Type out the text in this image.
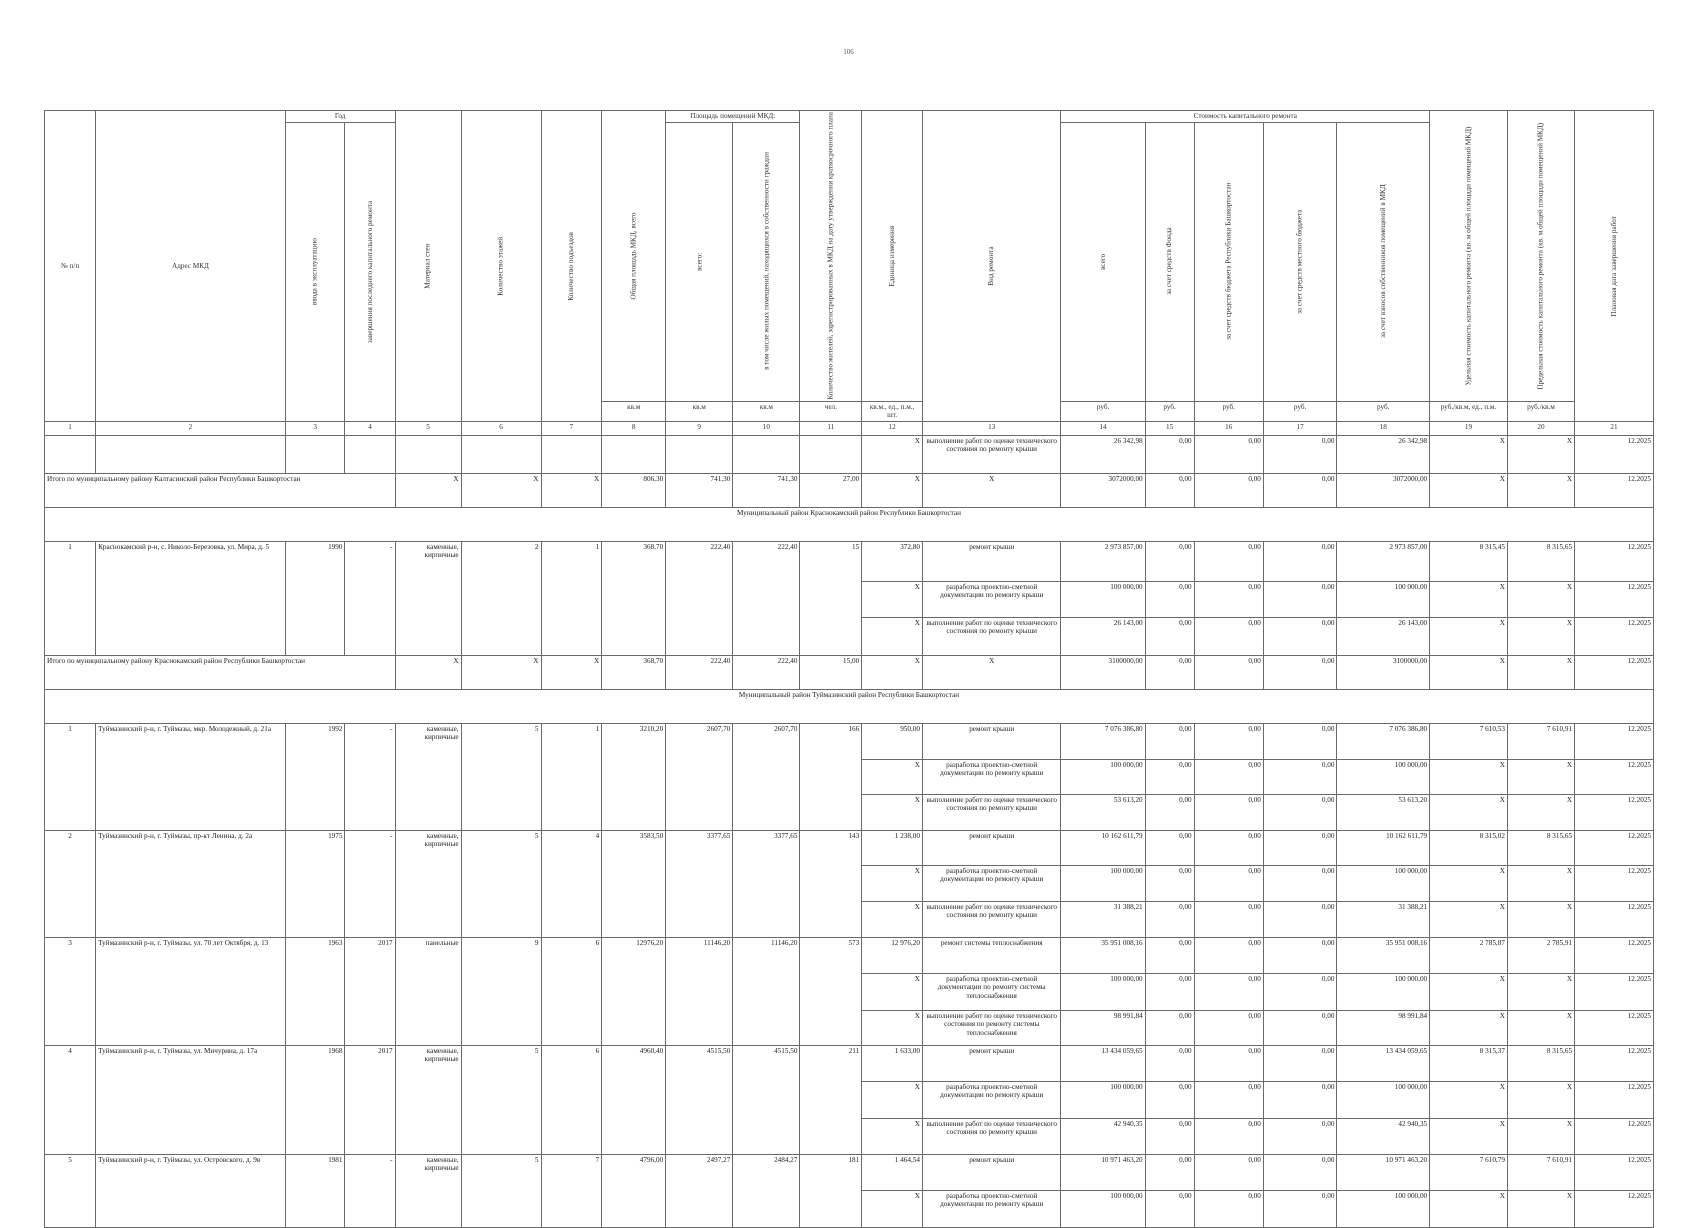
106
№ п/п	Адрес МКД	Год		Материал стен	Количество этажей	Количество подъездов	Общая площадь МКД, всего	Площадь помещений МКД:		Количество жителей, зарегистрированных в МКД на дату утверждения краткосрочного плана	Единица измерения	Вид ремонта	Стоимость капитального ремонта					Удельная стоимость капитального ремонта (кв. м общей площади помещений МКД)	Предельная стоимость капитального ремонта (кв. м общей площади помещений МКД)	Плановая дата завершения работ
		ввода в эксплуатацию	завершения последнего капитального ремонта					всего:	в том числе жилых помещений, находящихся в собственности граждан				всего	за счет средств Фонда	за счет средств бюджета Республики Башкортостан	за счет средств местного бюджета	за счет взносов собственников помещений в МКД			
							кв.м	кв.м	кв.м	чел.	кв.м., ед., п.м., шт.		руб.	руб.	руб.	руб.	руб.	руб./кв.м, ед., п.м.	руб./кв.м	
1	2	3	4	5	6	7	8	9	10	11	12	13	14	15	16	17	18	19	20	21
											X	выполнение работ по оценке технического состояния по ремонту крыши	26 342,98	0,00	0,00	0,00	26 342,98	X	X	12.2025
Итого по муниципальному району Калтасинский район Республики Башкортостан				X	X	X	806,30	741,30	741,30	27,00	X	X	3072000,00	0,00	0,00	0,00	3072000,00	X	X	12.2025
Муниципальный район Краснокамский район Республики Башкортостан																				
1	Краснокамский р-н, с. Николо-Березовка, ул. Мира, д. 5	1990	-	каменные, кирпичные	2	1	368,70	222,40	222,40	15	372,80	ремонт крыши	2 973 857,00	0,00	0,00	0,00	2 973 857,00	8 315,45	8 315,65	12.2025
											X	разработка проектно-сметной документации по ремонту крыши	100 000,00	0,00	0,00	0,00	100 000,00	X	X	12.2025
											X	выполнение работ по оценке технического состояния по ремонту крыши	26 143,00	0,00	0,00	0,00	26 143,00	X	X	12.2025
Итого по муниципальному району Краснокамский район Республики Башкортостан				X	X	X	368,70	222,40	222,40	15,00	X	X	3100000,00	0,00	0,00	0,00	3100000,00	X	X	12.2025
Муниципальный район Туймазинский район Республики Башкортостан																				
1	Туймазинский р-н, г. Туймазы, мкр. Молодежный, д. 21а	1992	-	каменные, кирпичные	5	1	3210,20	2607,70	2607,70	166	950,00	ремонт крыши	7 076 386,80	0,00	0,00	0,00	7 076 386,80	7 610,53	7 610,91	12.2025
											X	разработка проектно-сметной документации по ремонту крыши	100 000,00	0,00	0,00	0,00	100 000,00	X	X	12.2025
											X	выполнение работ по оценке технического состояния по ремонту крыши	53 613,20	0,00	0,00	0,00	53 613,20	X	X	12.2025
2	Туймазинский р-н, г. Туймазы, пр-кт Ленина, д. 2а	1975	-	каменные, кирпичные	5	4	3583,50	3377,65	3377,65	143	1 238,00	ремонт крыши	10 162 611,79	0,00	0,00	0,00	10 162 611,79	8 315,02	8 315,65	12.2025
											X	разработка проектно-сметной документации по ремонту крыши	100 000,00	0,00	0,00	0,00	100 000,00	X	X	12.2025
											X	выполнение работ по оценке технического состояния по ремонту крыши	31 388,21	0,00	0,00	0,00	31 388,21	X	X	12.2025
3	Туймазинский р-н, г. Туймазы, ул. 70 лет Октября, д. 13	1963	2017	панельные	9	6	12976,20	11146,20	11146,20	573	12 976,20	ремонт системы теплоснабжения	35 951 008,16	0,00	0,00	0,00	35 951 008,16	2 785,87	2 785,91	12.2025
											X	разработка проектно-сметной документации по ремонту системы теплоснабжения	100 000,00	0,00	0,00	0,00	100 000,00	X	X	12.2025
											X	выполнение работ по оценке технического состояния по ремонту системы теплоснабжения	98 991,84	0,00	0,00	0,00	98 991,84	X	X	12.2025
4	Туймазинский р-н, г. Туймазы, ул. Мичурина, д. 17а	1968	2017	каменные, кирпичные	5	6	4960,40	4515,50	4515,50	211	1 633,00	ремонт крыши	13 434 059,65	0,00	0,00	0,00	13 434 059,65	8 315,37	8 315,65	12.2025
											X	разработка проектно-сметной документации по ремонту крыши	100 000,00	0,00	0,00	0,00	100 000,00	X	X	12.2025
											X	выполнение работ по оценке технического состояния по ремонту крыши	42 940,35	0,00	0,00	0,00	42 940,35	X	X	12.2025
5	Туймазинский р-н, г. Туймазы, ул. Островского, д. 9в	1981	-	каменные, кирпичные	5	7	4796,00	2497,27	2484,27	181	1 464,54	ремонт крыши	10 971 463,20	0,00	0,00	0,00	10 971 463,20	7 610,79	7 610,91	12.2025
											X	разработка проектно-сметной документации по ремонту крыши	100 000,00	0,00	0,00	0,00	100 000,00	X	X	12.2025
